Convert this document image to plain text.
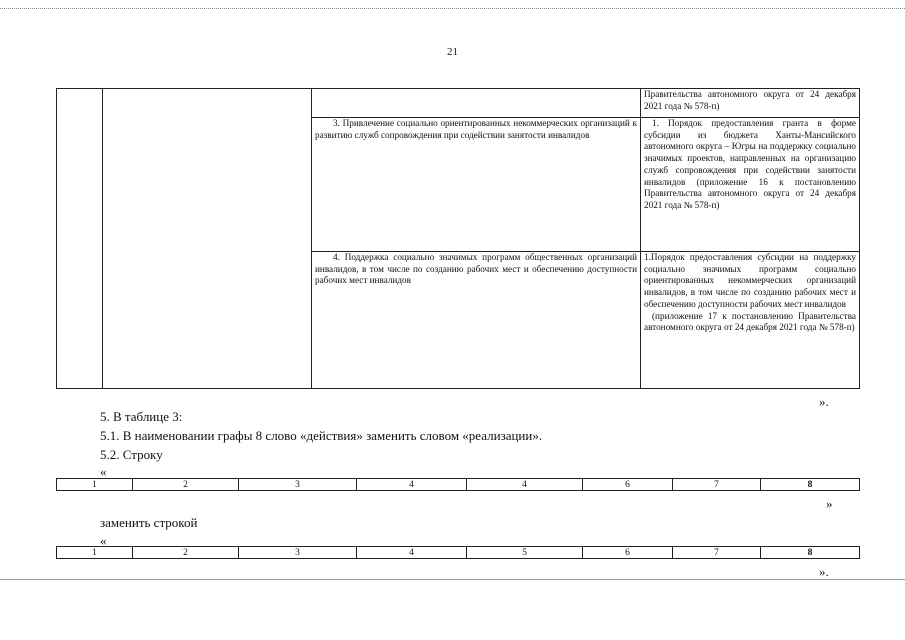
21
			Правительства автономного округа от 24 декабря 2021 года № 578-п)
		3. Привлечение социально ориентированных некоммерческих организаций к развитию служб сопровождения при содействии занятости инвалидов	1. Порядок предоставления гранта в форме субсидии из бюджета Ханты-Мансийского автономного округа – Югры на поддержку социально значимых проектов, направленных на организацию служб сопровождения при содействии занятости инвалидов (приложение 16 к постановлению Правительства автономного округа от 24 декабря 2021 года № 578-п)
		4. Поддержка социально значимых программ общественных организаций инвалидов, в том числе по созданию рабочих мест и обеспечению доступности рабочих мест инвалидов	1.Порядок предоставления субсидии на поддержку социально значимых программ социально ориентированных некоммерческих организаций инвалидов, в том числе по созданию рабочих мест и обеспечению доступности рабочих мест инвалидов
(приложение 17 к постановлению Правительства автономного округа от 24 декабря 2021 года № 578-п)
».
5. В таблице 3:
5.1. В наименовании графы 8 слово «действия» заменить словом «реализации».
5.2. Строку
«
1	2	3	4	4	6	7	8
»
заменить строкой
«
1	2	3	4	5	6	7	8
».
